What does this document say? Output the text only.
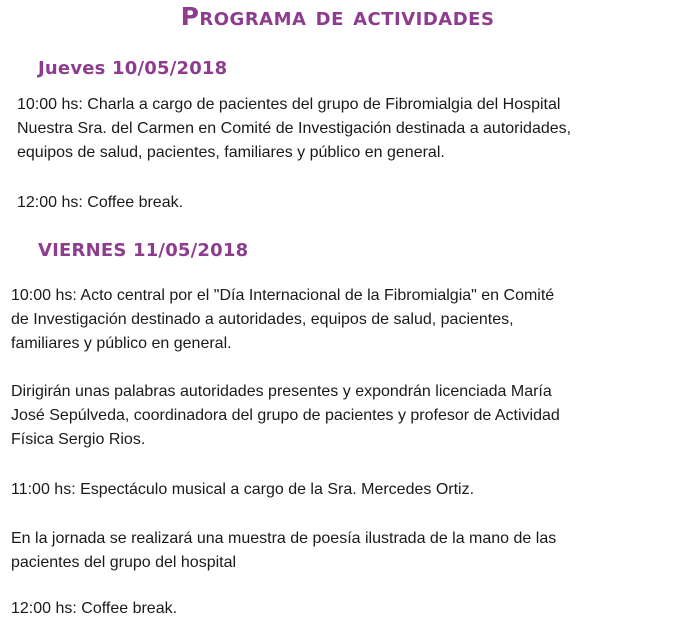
Programa de actividades
Jueves 10/05/2018

10:00 hs: Charla a cargo de pacientes del grupo de Fibromialgia del Hospital
Nuestra Sra. del Carmen en Comité de Investigación destinada a autoridades,
equipos de salud, pacientes, familiares y público en general.

12:00 hs: Coffee break.

VIERNES 11/05/2018

10:00 hs: Acto central por el "Día Internacional de la Fibromialgia" en Comité
de Investigación destinado a autoridades, equipos de salud, pacientes,
familiares y público en general.

Dirigirán unas palabras autoridades presentes y expondrán licenciada María
José Sepúlveda, coordinadora del grupo de pacientes y profesor de Actividad
Física Sergio Rios.

11:00 hs: Espectáculo musical a cargo de la Sra. Mercedes Ortiz.

En la jornada se realizará una muestra de poesía ilustrada de la mano de las
pacientes del grupo del hospital

12:00 hs: Coffee break.
